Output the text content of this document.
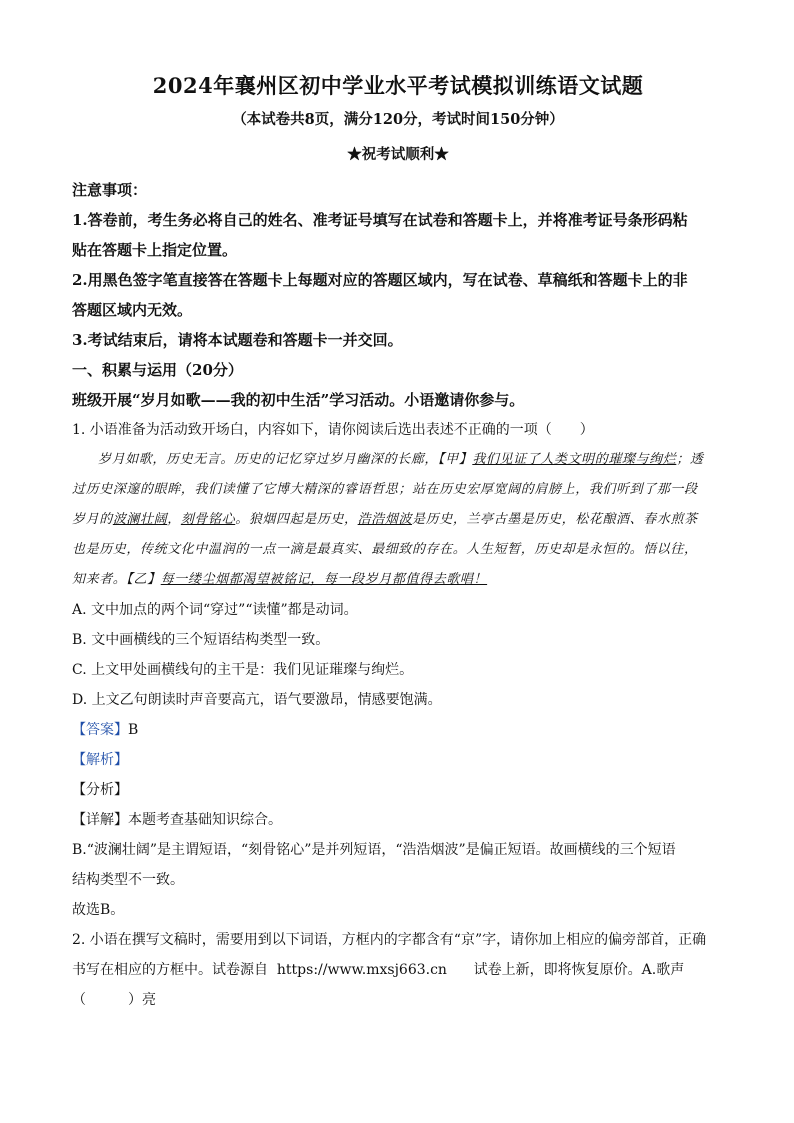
2024年襄州区初中学业水平考试模拟训练语文试题

（本试卷共8页，满分120分，考试时间150分钟）

★祝考试顺利★

注意事项：

1.答卷前，考生务必将自己的姓名、准考证号填写在试卷和答题卡上，并将准考证号条形码粘

贴在答题卡上指定位置。

2.用黑色签字笔直接答在答题卡上每题对应的答题区域内，写在试卷、草稿纸和答题卡上的非

答题区域内无效。

3.考试结束后，请将本试题卷和答题卡一并交回。

一、积累与运用（20分）

班级开展“岁月如歌——我的初中生活”学习活动。小语邀请你参与。

1. 小语准备为活动致开场白，内容如下，请你阅读后选出表述不正确的一项（　　）

岁月如歌，历史无言。历史的记忆穿过岁月幽深的长廊，【甲】我们见证了人类文明的璀璨与绚烂；透

过历史深邃的眼眸，我们读懂了它博大精深的睿语哲思；站在历史宏厚宽阔的肩膀上，我们听到了那一段

岁月的波澜壮阔，刻骨铭心。狼烟四起是历史，浩浩烟波是历史，兰亭古墨是历史，松花酿酒、春水煎茶

也是历史，传统文化中温润的一点一滴是最真实、最细致的存在。人生短暂，历史却是永恒的。悟以往，

知来者。【乙】每一缕尘烟都渴望被铭记，每一段岁月都值得去歌唱！

A. 文中加点的两个词“穿过”“读懂”都是动词。

B. 文中画横线的三个短语结构类型一致。

C. 上文甲处画横线句的主干是：我们见证璀璨与绚烂。

D. 上文乙句朗读时声音要高亢，语气要激昂，情感要饱满。

【答案】B

【解析】

【分析】

【详解】本题考查基础知识综合。

B.“波澜壮阔”是主谓短语，“刻骨铭心”是并列短语，“浩浩烟波”是偏正短语。故画横线的三个短语

结构类型不一致。

故选B。

2. 小语在撰写文稿时，需要用到以下词语，方框内的字都含有“京”字，请你加上相应的偏旁部首，正确

书写在相应的方框中。试卷源自 https://www.mxsj663.cn 试卷上新，即将恢复原价。A.歌声（　　　）亮
